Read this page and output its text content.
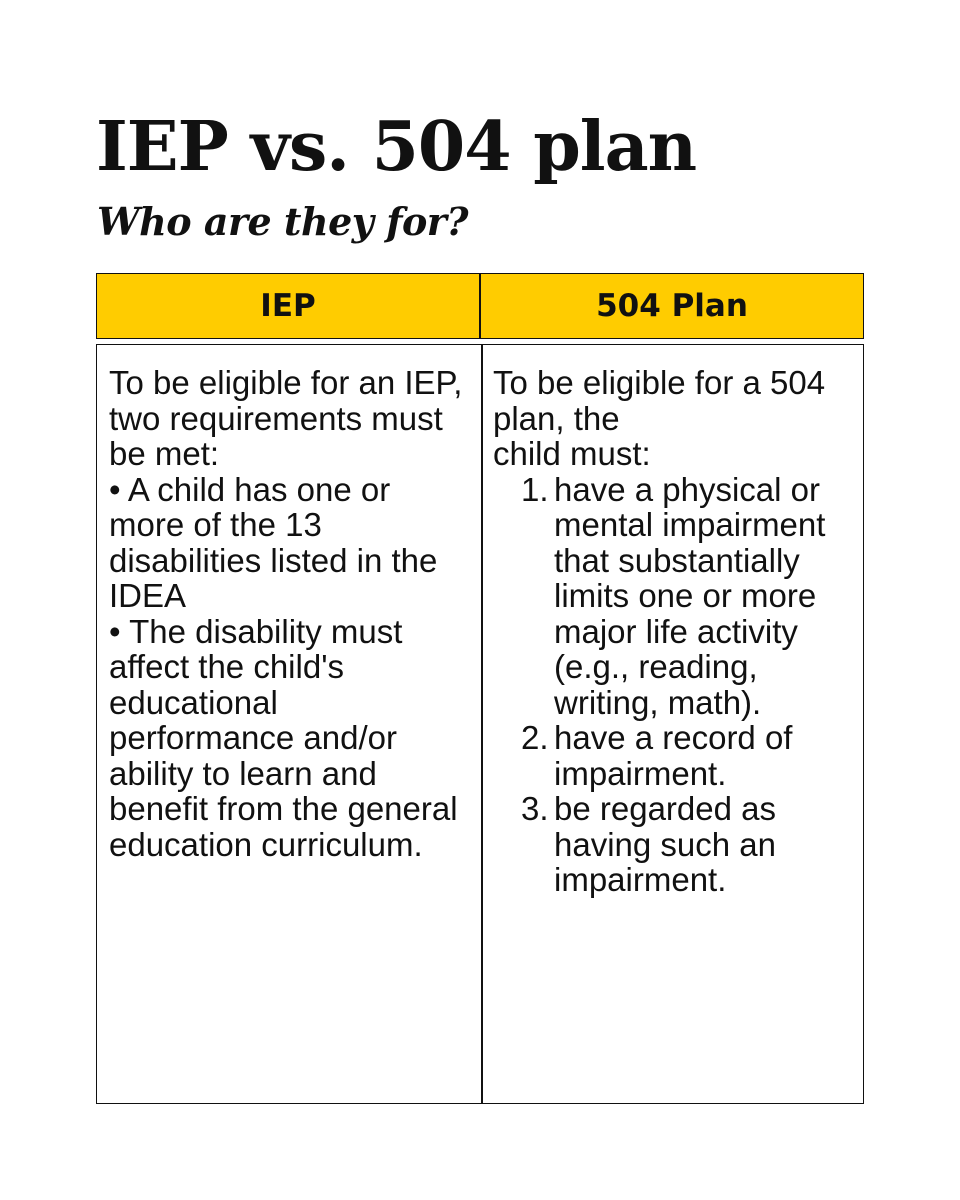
IEP vs. 504 plan
Who are they for?
IEP	504 Plan
To be eligible for an IEP, two requirements must be met:
• A child has one or more of the 13 disabilities listed in the IDEA
• The disability must affect the child's educational performance and/or ability to learn and benefit from the general education curriculum.
To be eligible for a 504 plan, the
child must:
1. have a physical or mental impairment that substantially limits one or more major life activity (e.g., reading, writing, math).
2. have a record of impairment.
3. be regarded as having such an impairment.
